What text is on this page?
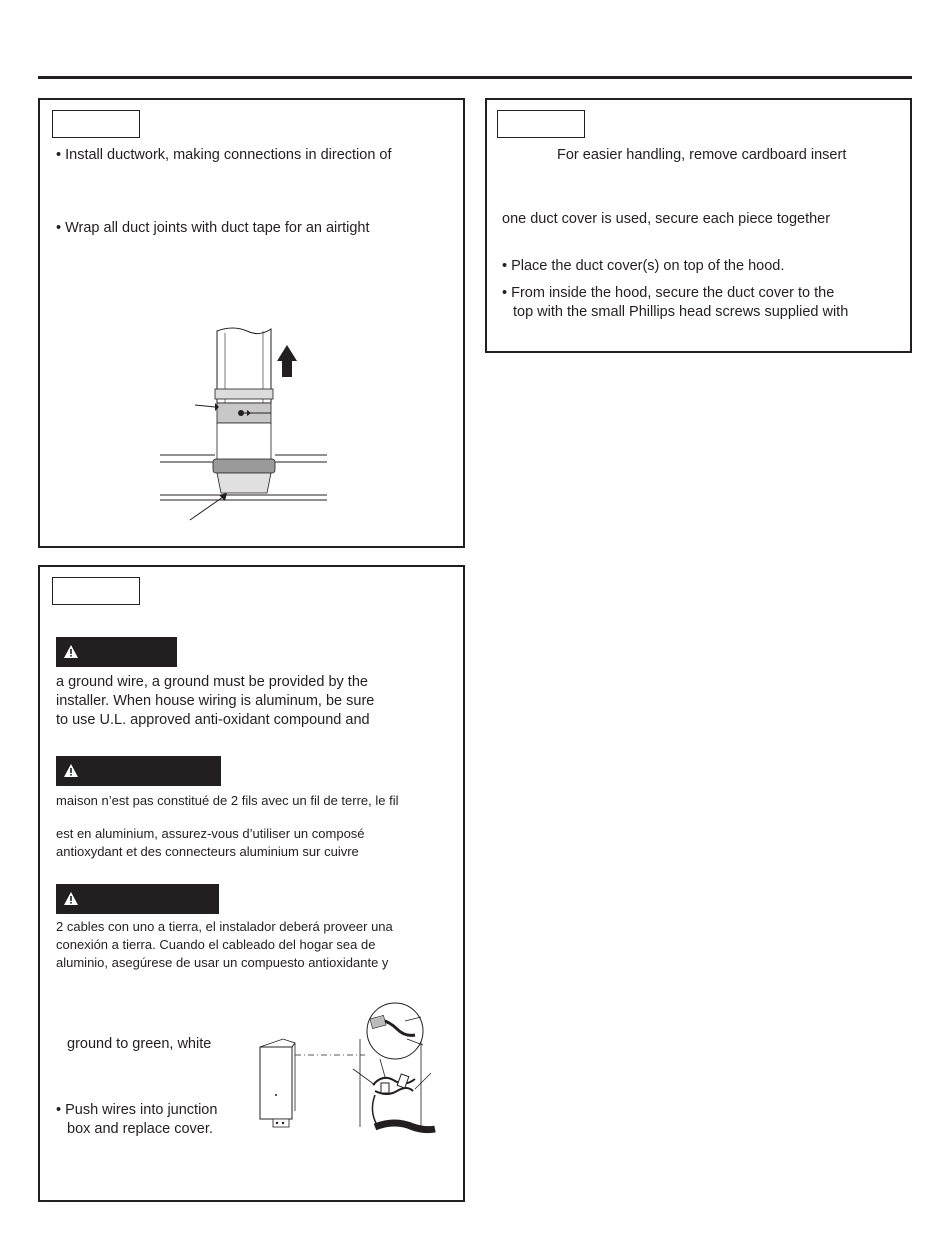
• Install ductwork, making connections in direction of
• Wrap all duct joints with duct tape for an airtight
For easier handling, remove cardboard insert
one duct cover is used, secure each piece together
• Place the duct cover(s) on top of the hood.
• From inside the hood, secure the duct cover to the
top with the small Phillips head screws supplied with
a ground wire, a ground must be provided by the
installer. When house wiring is aluminum, be sure
to use U.L. approved anti-oxidant compound and
maison n’est pas constitué de 2 fils avec un fil de terre, le fil
est en aluminium, assurez-vous d’utiliser un composé
antioxydant et des connecteurs aluminium sur cuivre
2 cables con uno a tierra, el instalador deberá proveer una
conexión a tierra. Cuando el cableado del hogar sea de
aluminio, asegúrese de usar un compuesto antioxidante y
ground to green, white
• Push wires into junction
box and replace cover.
